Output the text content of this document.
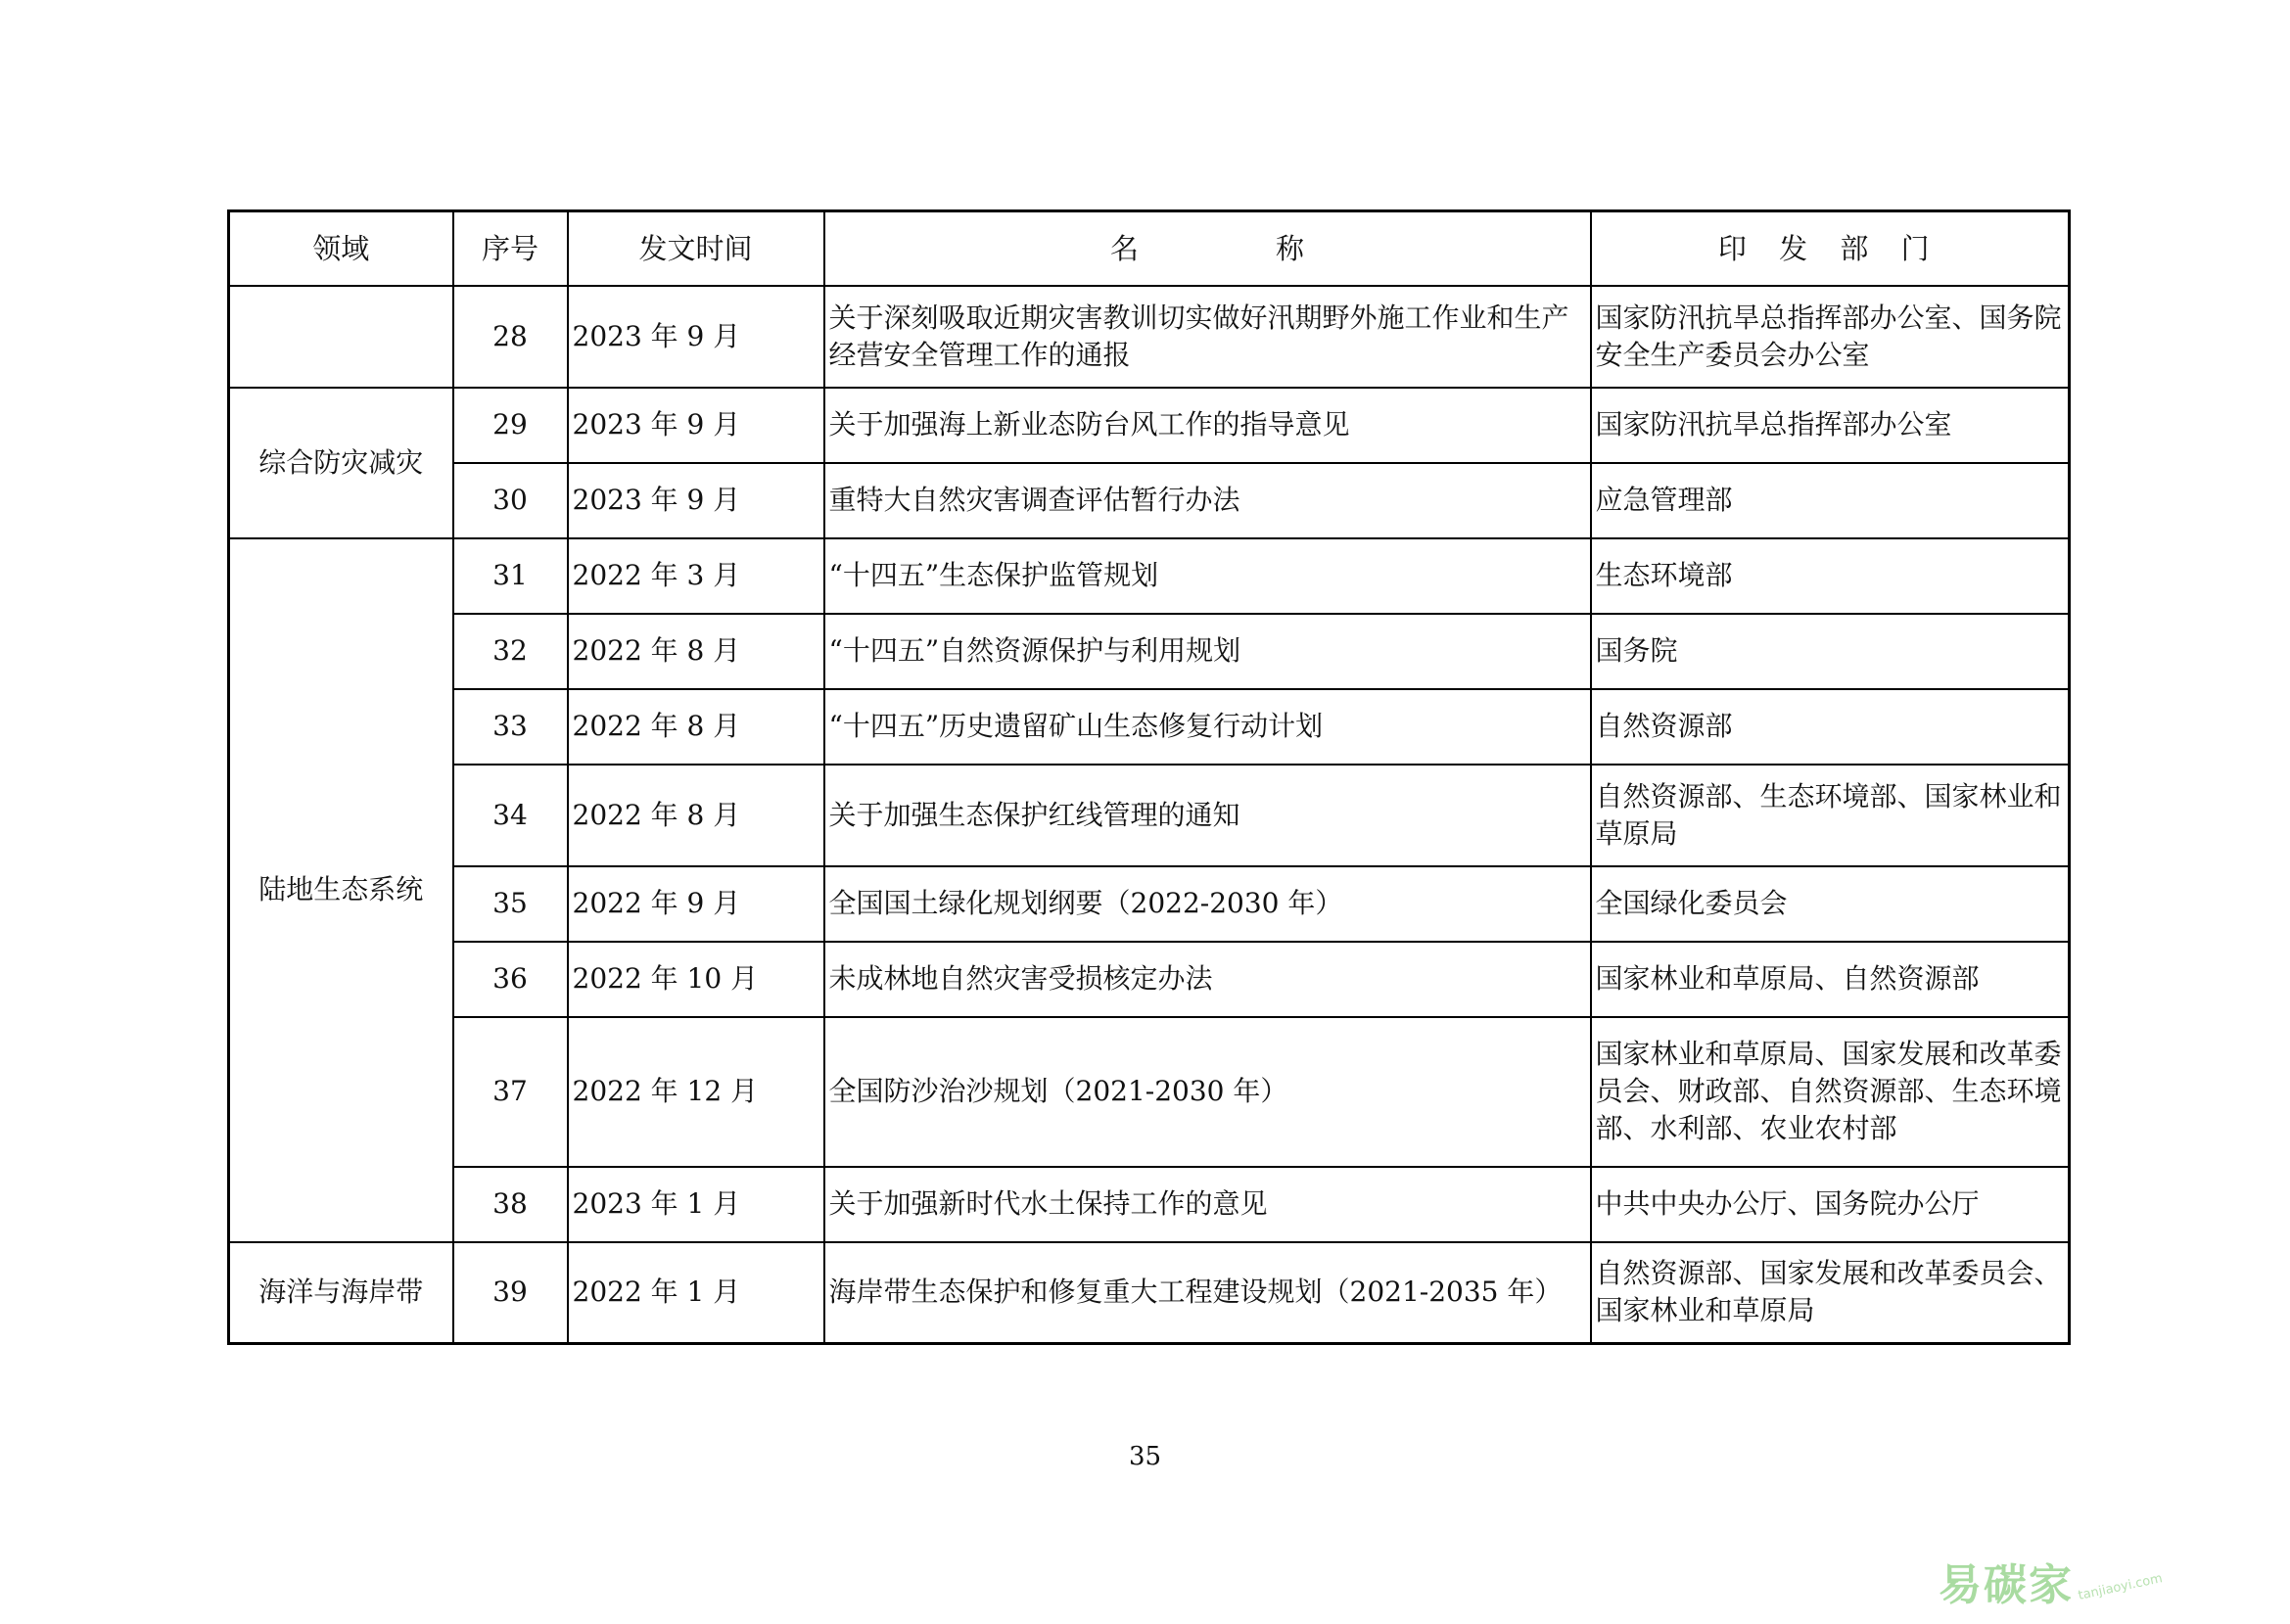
领域	序号	发文时间	名 称	印 发 部 门
	28	2023 年 9 月	关于深刻吸取近期灾害教训切实做好汛期野外施工作业和生产经营安全管理工作的通报	国家防汛抗旱总指挥部办公室、国务院安全生产委员会办公室
综合防灾减灾	29	2023 年 9 月	关于加强海上新业态防台风工作的指导意见	国家防汛抗旱总指挥部办公室
	30	2023 年 9 月	重特大自然灾害调查评估暂行办法	应急管理部
陆地生态系统	31	2022 年 3 月	“十四五”生态保护监管规划	生态环境部
	32	2022 年 8 月	“十四五”自然资源保护与利用规划	国务院
	33	2022 年 8 月	“十四五”历史遗留矿山生态修复行动计划	自然资源部
	34	2022 年 8 月	关于加强生态保护红线管理的通知	自然资源部、生态环境部、国家林业和草原局
	35	2022 年 9 月	全国国土绿化规划纲要（2022-2030 年）	全国绿化委员会
	36	2022 年 10 月	未成林地自然灾害受损核定办法	国家林业和草原局、自然资源部
	37	2022 年 12 月	全国防沙治沙规划（2021-2030 年）	国家林业和草原局、国家发展和改革委员会、财政部、自然资源部、生态环境部、水利部、农业农村部
	38	2023 年 1 月	关于加强新时代水土保持工作的意见	中共中央办公厅、国务院办公厅
海洋与海岸带	39	2022 年 1 月	海岸带生态保护和修复重大工程建设规划（2021-2035 年）	自然资源部、国家发展和改革委员会、国家林业和草原局
35
易碳家 tanjiaoyi.com
